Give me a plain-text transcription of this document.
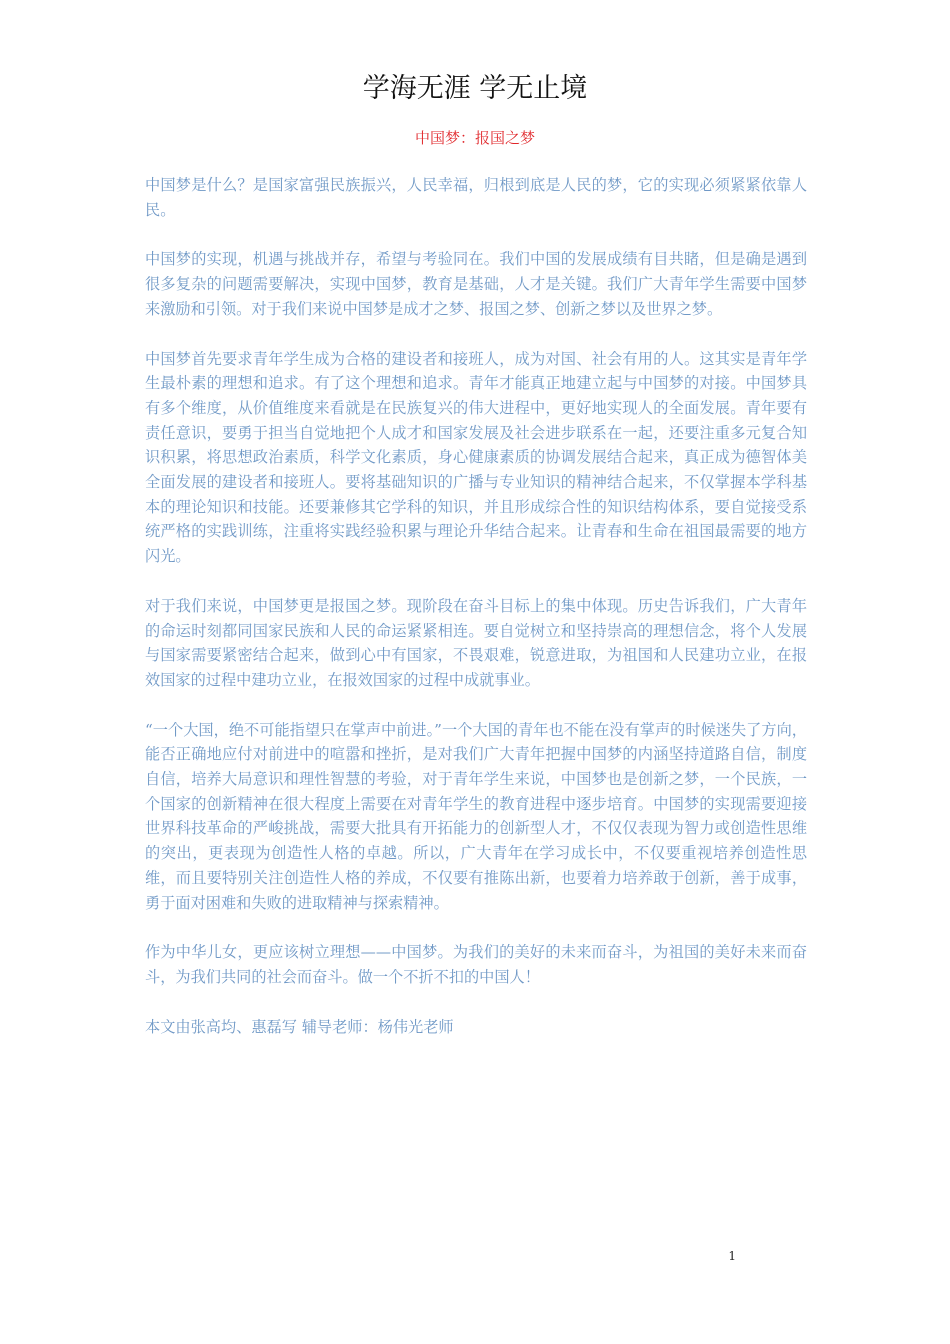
学海无涯 学无止境

中国梦：报国之梦

中国梦是什么？是国家富强民族振兴，人民幸福，归根到底是人民的梦，它的实现必须紧紧依靠人民。

中国梦的实现，机遇与挑战并存，希望与考验同在。我们中国的发展成绩有目共睹，但是确是遇到很多复杂的问题需要解决，实现中国梦，教育是基础，人才是关键。我们广大青年学生需要中国梦来激励和引领。对于我们来说中国梦是成才之梦、报国之梦、创新之梦以及世界之梦。

中国梦首先要求青年学生成为合格的建设者和接班人，成为对国、社会有用的人。这其实是青年学生最朴素的理想和追求。有了这个理想和追求。青年才能真正地建立起与中国梦的对接。中国梦具有多个维度，从价值维度来看就是在民族复兴的伟大进程中，更好地实现人的全面发展。青年要有责任意识，要勇于担当自觉地把个人成才和国家发展及社会进步联系在一起，还要注重多元复合知识积累，将思想政治素质，科学文化素质，身心健康素质的协调发展结合起来，真正成为德智体美全面发展的建设者和接班人。要将基础知识的广播与专业知识的精神结合起来，不仅掌握本学科基本的理论知识和技能。还要兼修其它学科的知识，并且形成综合性的知识结构体系，要自觉接受系统严格的实践训练，注重将实践经验积累与理论升华结合起来。让青春和生命在祖国最需要的地方闪光。

对于我们来说，中国梦更是报国之梦。现阶段在奋斗目标上的集中体现。历史告诉我们，广大青年的命运时刻都同国家民族和人民的命运紧紧相连。要自觉树立和坚持崇高的理想信念，将个人发展与国家需要紧密结合起来，做到心中有国家，不畏艰难，锐意进取，为祖国和人民建功立业，在报效国家的过程中建功立业，在报效国家的过程中成就事业。

“一个大国，绝不可能指望只在掌声中前进。”一个大国的青年也不能在没有掌声的时候迷失了方向，能否正确地应付对前进中的喧嚣和挫折，是对我们广大青年把握中国梦的内涵坚持道路自信，制度自信，培养大局意识和理性智慧的考验，对于青年学生来说，中国梦也是创新之梦，一个民族，一个国家的创新精神在很大程度上需要在对青年学生的教育进程中逐步培育。中国梦的实现需要迎接世界科技革命的严峻挑战，需要大批具有开拓能力的创新型人才，不仅仅表现为智力或创造性思维的突出，更表现为创造性人格的卓越。所以，广大青年在学习成长中，不仅要重视培养创造性思维，而且要特别关注创造性人格的养成，不仅要有推陈出新，也要着力培养敢于创新，善于成事，勇于面对困难和失败的进取精神与探索精神。

作为中华儿女，更应该树立理想——中国梦。为我们的美好的未来而奋斗，为祖国的美好未来而奋斗，为我们共同的社会而奋斗。做一个不折不扣的中国人！

本文由张高均、惠磊写 辅导老师：杨伟光老师

1
